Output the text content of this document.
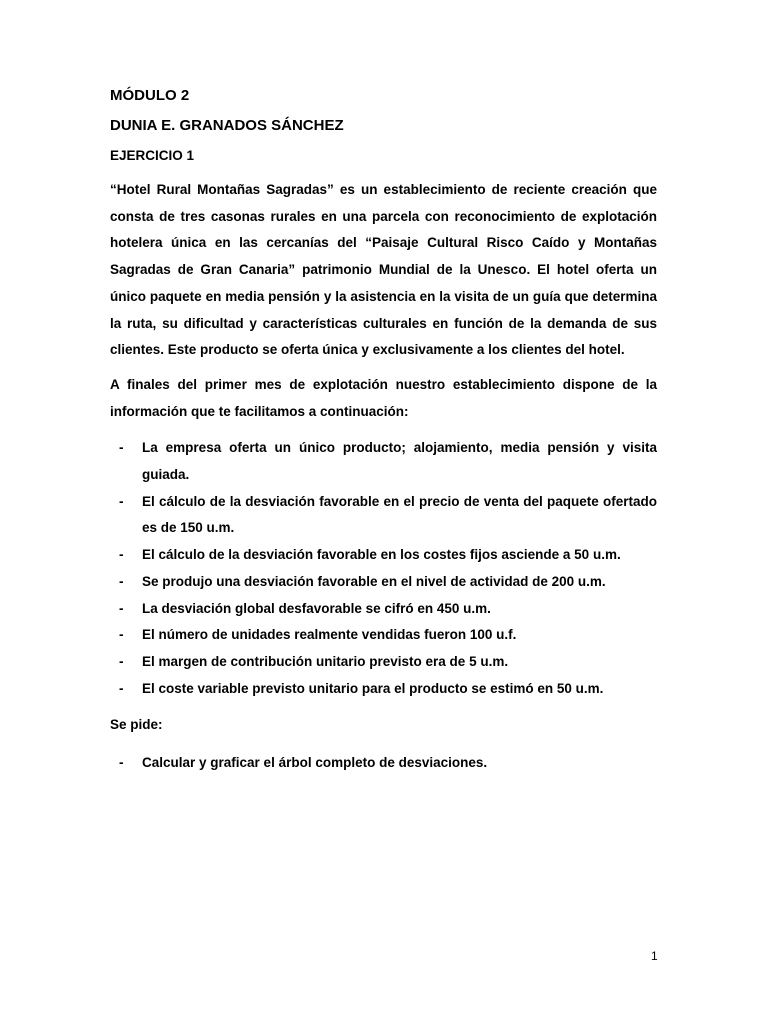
MÓDULO 2

DUNIA E. GRANADOS SÁNCHEZ

EJERCICIO 1

“Hotel Rural Montañas Sagradas” es un establecimiento de reciente creación que consta de tres casonas rurales en una parcela con reconocimiento de explotación hotelera única en las cercanías del “Paisaje Cultural Risco Caído y Montañas Sagradas de Gran Canaria” patrimonio Mundial de la Unesco. El hotel oferta un único paquete en media pensión y la asistencia en la visita de un guía que determina la ruta, su dificultad y características culturales en función de la demanda de sus clientes. Este producto se oferta única y exclusivamente a los clientes del hotel.

A finales del primer mes de explotación nuestro establecimiento dispone de la información que te facilitamos a continuación:

- La empresa oferta un único producto; alojamiento, media pensión y visita guiada.
- El cálculo de la desviación favorable en el precio de venta del paquete ofertado es de 150 u.m.
- El cálculo de la desviación favorable en los costes fijos asciende a 50 u.m.
- Se produjo una desviación favorable en el nivel de actividad de 200 u.m.
- La desviación global desfavorable se cifró en 450 u.m.
- El número de unidades realmente vendidas fueron 100 u.f.
- El margen de contribución unitario previsto era de 5 u.m.
- El coste variable previsto unitario para el producto se estimó en 50 u.m.

Se pide:

- Calcular y graficar el árbol completo de desviaciones.
1
